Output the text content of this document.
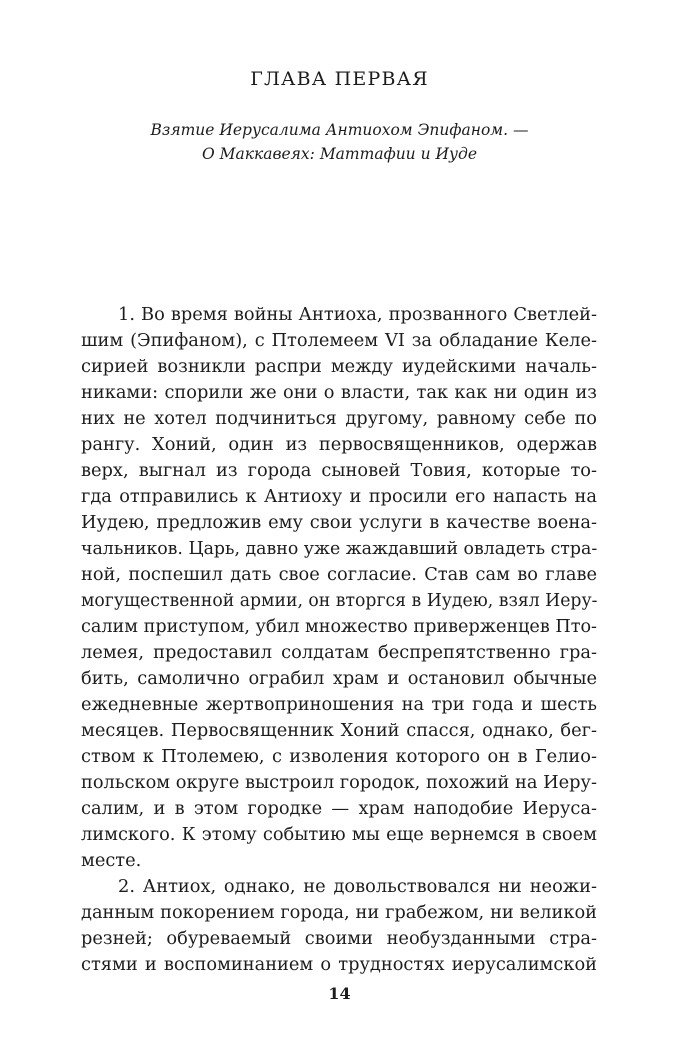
ГЛАВА ПЕРВАЯ
Взятие Иерусалима Антиохом Эпифаном. —
О Маккавеях: Маттафии и Иуде
1. Во время войны Антиоха, прозванного Светлей-
шим (Эпифаном), с Птолемеем VI за обладание Келе-
сирией возникли распри между иудейскими началь-
никами: спорили же они о власти, так как ни один из
них не хотел подчиниться другому, равному себе по
рангу. Хоний, один из первосвященников, одержав
верх, выгнал из города сыновей Товия, которые то-
гда отправились к Антиоху и просили его напасть на
Иудею, предложив ему свои услуги в качестве воена-
чальников. Царь, давно уже жаждавший овладеть стра-
ной, поспешил дать свое согласие. Став сам во главе
могущественной армии, он вторгся в Иудею, взял Иеру-
салим приступом, убил множество приверженцев Пто-
лемея, предоставил солдатам беспрепятственно гра-
бить, самолично ограбил храм и остановил обычные
ежедневные жертвоприношения на три года и шесть
месяцев. Первосвященник Хоний спасся, однако, бег-
ством к Птолемею, с изволения которого он в Гелио-
польском округе выстроил городок, похожий на Иеру-
салим, и в этом городке — храм наподобие Иерусa-
лимского. К этому событию мы еще вернемся в своем
месте.
2. Антиох, однако, не довольствовался ни неожи-
данным покорением города, ни грабежом, ни великой
резней; обуреваемый своими необузданными стра-
стями и воспоминанием о трудностях иерусалимской
14
